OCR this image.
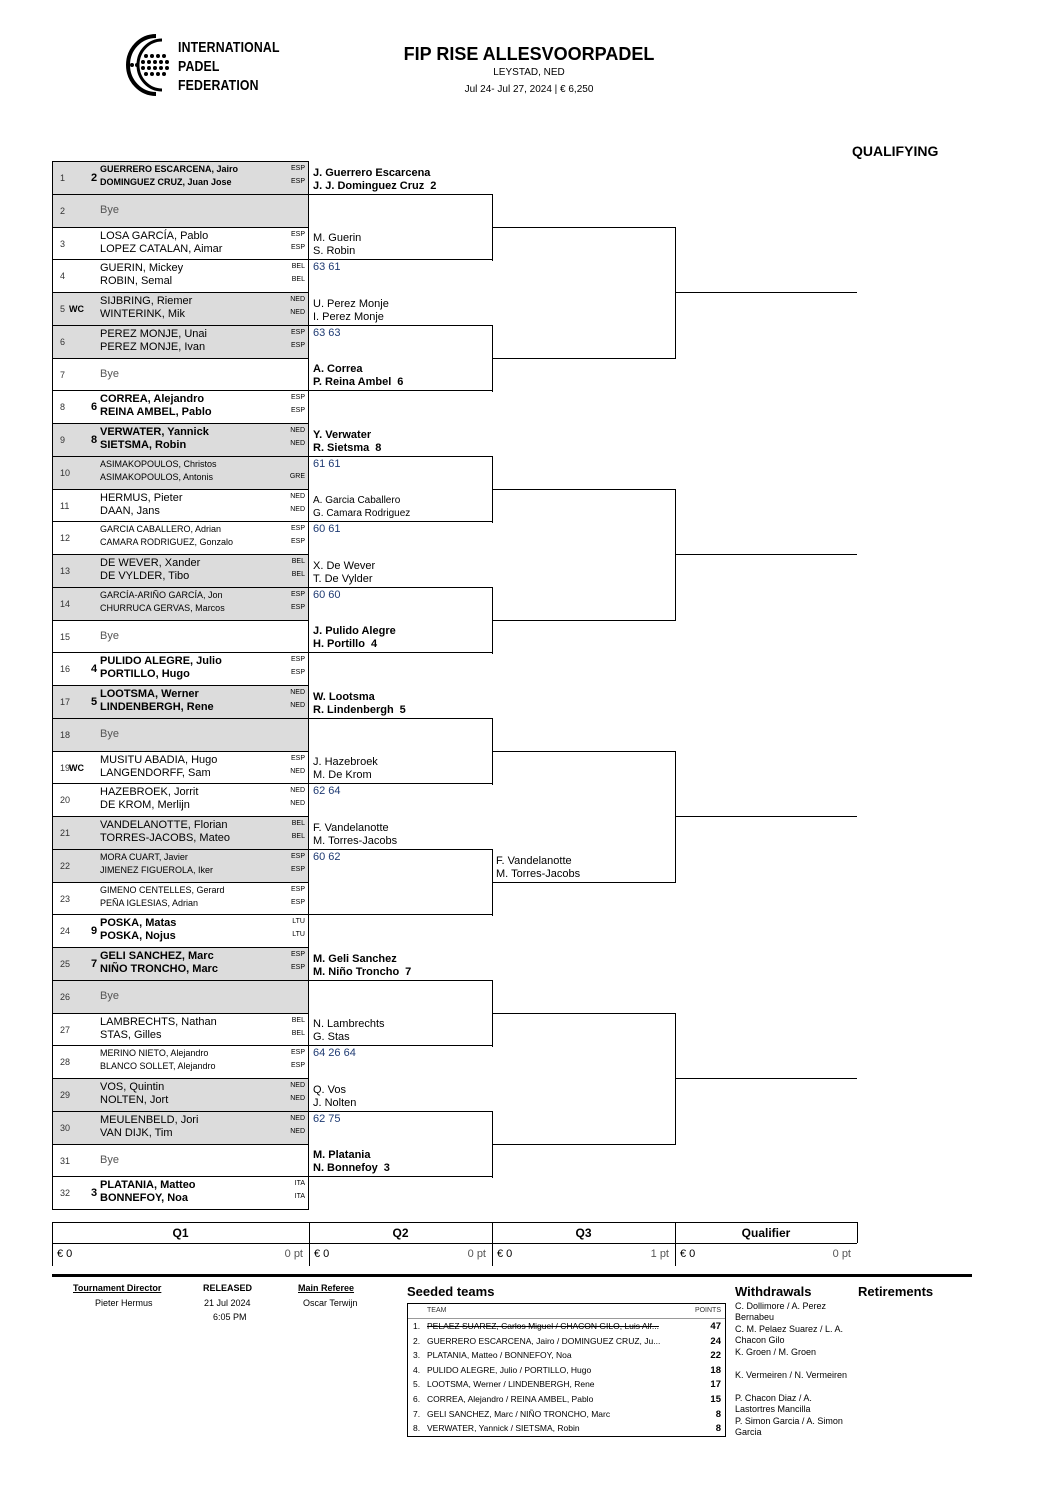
INTERNATIONAL
PADEL
FEDERATION
FIP RISE ALLESVOORPADEL
LEYSTAD, NED
Jul 24- Jul 27, 2024 | € 6,250
QUALIFYING
1 2
GUERRERO ESCARCENA, Jairo
DOMINGUEZ CRUZ, Juan Jose
ESP
ESP
2	Bye
3
LOSA GARCÍA, Pablo
LOPEZ CATALAN, Aimar
ESP
ESP
4
GUERIN, Mickey
ROBIN, Semal
BEL
BEL
5 WC
SIJBRING, Riemer
WINTERINK, Mik
NED
NED
6
PEREZ MONJE, Unai
PEREZ MONJE, Ivan
ESP
ESP
7	Bye
8 6
CORREA, Alejandro
REINA AMBEL, Pablo
ESP
ESP
9 8
VERWATER, Yannick
SIETSMA, Robin
NED
NED
10
ASIMAKOPOULOS, Christos
ASIMAKOPOULOS, Antonis	GRE
11
HERMUS, Pieter
DAAN, Jans
NED
NED
12
GARCIA CABALLERO, Adrian
CAMARA RODRIGUEZ, Gonzalo
ESP
ESP
13
DE WEVER, Xander
DE VYLDER, Tibo
BEL
BEL
14
GARCÍA-ARIÑO GARCÍA, Jon
CHURRUCA GERVAS, Marcos
ESP
ESP
15	Bye
16 4
PULIDO ALEGRE, Julio
PORTILLO, Hugo
ESP
ESP
17 5
LOOTSMA, Werner
LINDENBERGH, Rene
NED
NED
18	Bye
19
WC
MUSITU ABADIA, Hugo
LANGENDORFF, Sam
ESP
NED
20
HAZEBROEK, Jorrit
DE KROM, Merlijn
NED
NED
21
VANDELANOTTE, Florian
TORRES-JACOBS, Mateo
BEL
BEL
22
MORA CUART, Javier
JIMENEZ FIGUEROLA, Iker
ESP
ESP
23
GIMENO CENTELLES, Gerard
PEÑA IGLESIAS, Adrian
ESP
ESP
24 9
POSKA, Matas
POSKA, Nojus
LTU
LTU
25 7
GELI SANCHEZ, Marc
NIÑO TRONCHO, Marc
ESP
ESP
26	Bye
27
LAMBRECHTS, Nathan
STAS, Gilles
BEL
BEL
28
MERINO NIETO, Alejandro
BLANCO SOLLET, Alejandro
ESP
ESP
29
VOS, Quintin
NOLTEN, Jort
NED
NED
30
MEULENBELD, Jori
VAN DIJK, Tim
NED
NED
31	Bye
32 3
PLATANIA, Matteo
BONNEFOY, Noa
ITA
ITA
J. Guerrero Escarcena
J. J. Dominguez Cruz 2
M. Guerin
S. Robin
63 61
U. Perez Monje
I. Perez Monje
63 63
A. Correa
P. Reina Ambel 6
Y. Verwater
R. Sietsma 8
61 61
A. Garcia Caballero
G. Camara Rodriguez
60 61
X. De Wever
T. De Vylder
60 60
J. Pulido Alegre
H. Portillo 4
W. Lootsma
R. Lindenbergh 5
J. Hazebroek
M. De Krom
62 64
F. Vandelanotte
M. Torres-Jacobs
60 62
M. Geli Sanchez
M. Niño Troncho 7
N. Lambrechts
G. Stas
64 26 64
Q. Vos
J. Nolten
62 75
M. Platania
N. Bonnefoy 3
F. Vandelanotte
M. Torres-Jacobs
Q1
€ 0	0 pt
Q2
€ 0	0 pt
Q3
€ 0	1 pt
Qualifier
€ 0	0 pt
Tournament Director
Pieter Hermus
RELEASED
21 Jul 2024
6:05 PM
Main Referee
Oscar Terwijn
Seeded teams
TEAM	POINTS
1. PELAEZ SUAREZ, Carlos Miguel / CHACON GILO, Luis Alf...	47
2. GUERRERO ESCARCENA, Jairo / DOMINGUEZ CRUZ, Ju...	24
3. PLATANIA, Matteo / BONNEFOY, Noa	22
4. PULIDO ALEGRE, Julio / PORTILLO, Hugo	18
5. LOOTSMA, Werner / LINDENBERGH, Rene	17
6. CORREA, Alejandro / REINA AMBEL, Pablo	15
7. GELI SANCHEZ, Marc / NIÑO TRONCHO, Marc	8
8. VERWATER, Yannick / SIETSMA, Robin	8
Withdrawals
C. Dollimore / A. Perez Bernabeu
C. M. Pelaez Suarez / L. A. Chacon Gilo
K. Groen / M. Groen
K. Vermeiren / N. Vermeiren
P. Chacon Diaz / A. Lastortres Mancilla
P. Simon Garcia / A. Simon Garcia
Retirements
